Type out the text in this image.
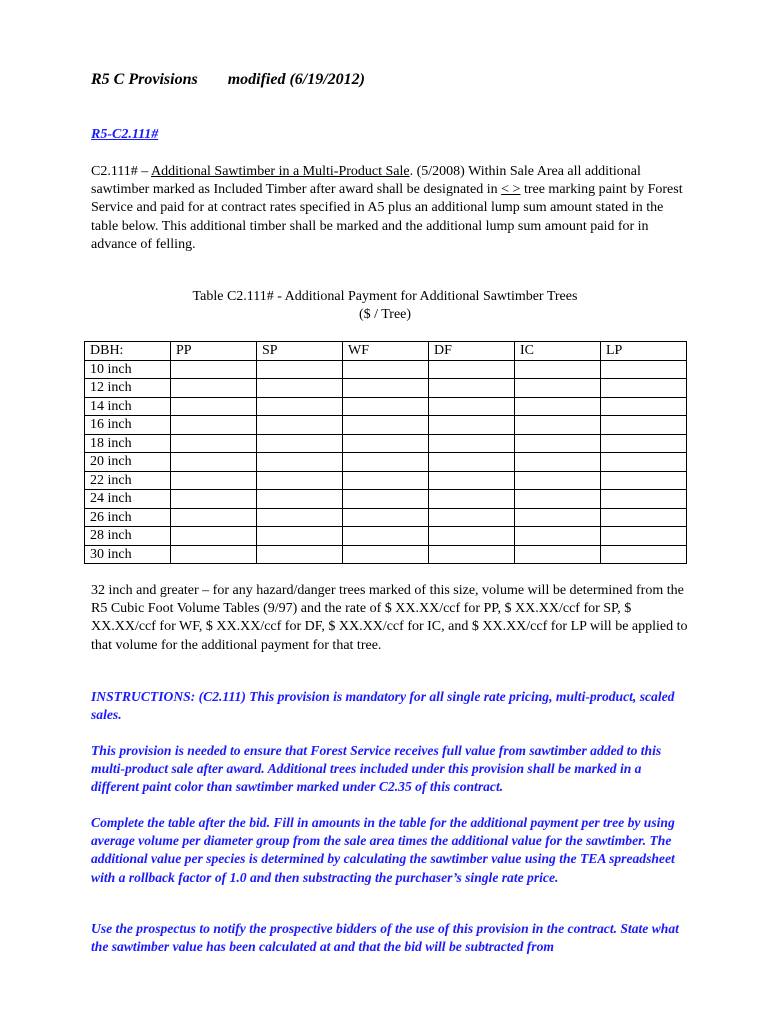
R5 C Provisions modified (6/19/2012)
R5-C2.111#
C2.111# – Additional Sawtimber in a Multi-Product Sale. (5/2008) Within Sale Area all additional sawtimber marked as Included Timber after award shall be designated in < > tree marking paint by Forest Service and paid for at contract rates specified in A5 plus an additional lump sum amount stated in the table below. This additional timber shall be marked and the additional lump sum amount paid for in advance of felling.
Table C2.111# - Additional Payment for Additional Sawtimber Trees
($ / Tree)
DBH:	PP	SP	WF	DF	IC	LP
10 inch						
12 inch						
14 inch						
16 inch						
18 inch						
20 inch						
22 inch						
24 inch						
26 inch						
28 inch						
30 inch						
32 inch and greater – for any hazard/danger trees marked of this size, volume will be determined from the R5 Cubic Foot Volume Tables (9/97) and the rate of $ XX.XX/ccf for PP, $ XX.XX/ccf for SP, $ XX.XX/ccf for WF, $ XX.XX/ccf for DF, $ XX.XX/ccf for IC, and $ XX.XX/ccf for LP will be applied to that volume for the additional payment for that tree.
INSTRUCTIONS: (C2.111) This provision is mandatory for all single rate pricing, multi-product, scaled sales.
This provision is needed to ensure that Forest Service receives full value from sawtimber added to this multi-product sale after award. Additional trees included under this provision shall be marked in a different paint color than sawtimber marked under C2.35 of this contract.
Complete the table after the bid. Fill in amounts in the table for the additional payment per tree by using average volume per diameter group from the sale area times the additional value for the sawtimber. The additional value per species is determined by calculating the sawtimber value using the TEA spreadsheet with a rollback factor of 1.0 and then substracting the purchaser’s single rate price.
Use the prospectus to notify the prospective bidders of the use of this provision in the contract. State what the sawtimber value has been calculated at and that the bid will be subtracted from
